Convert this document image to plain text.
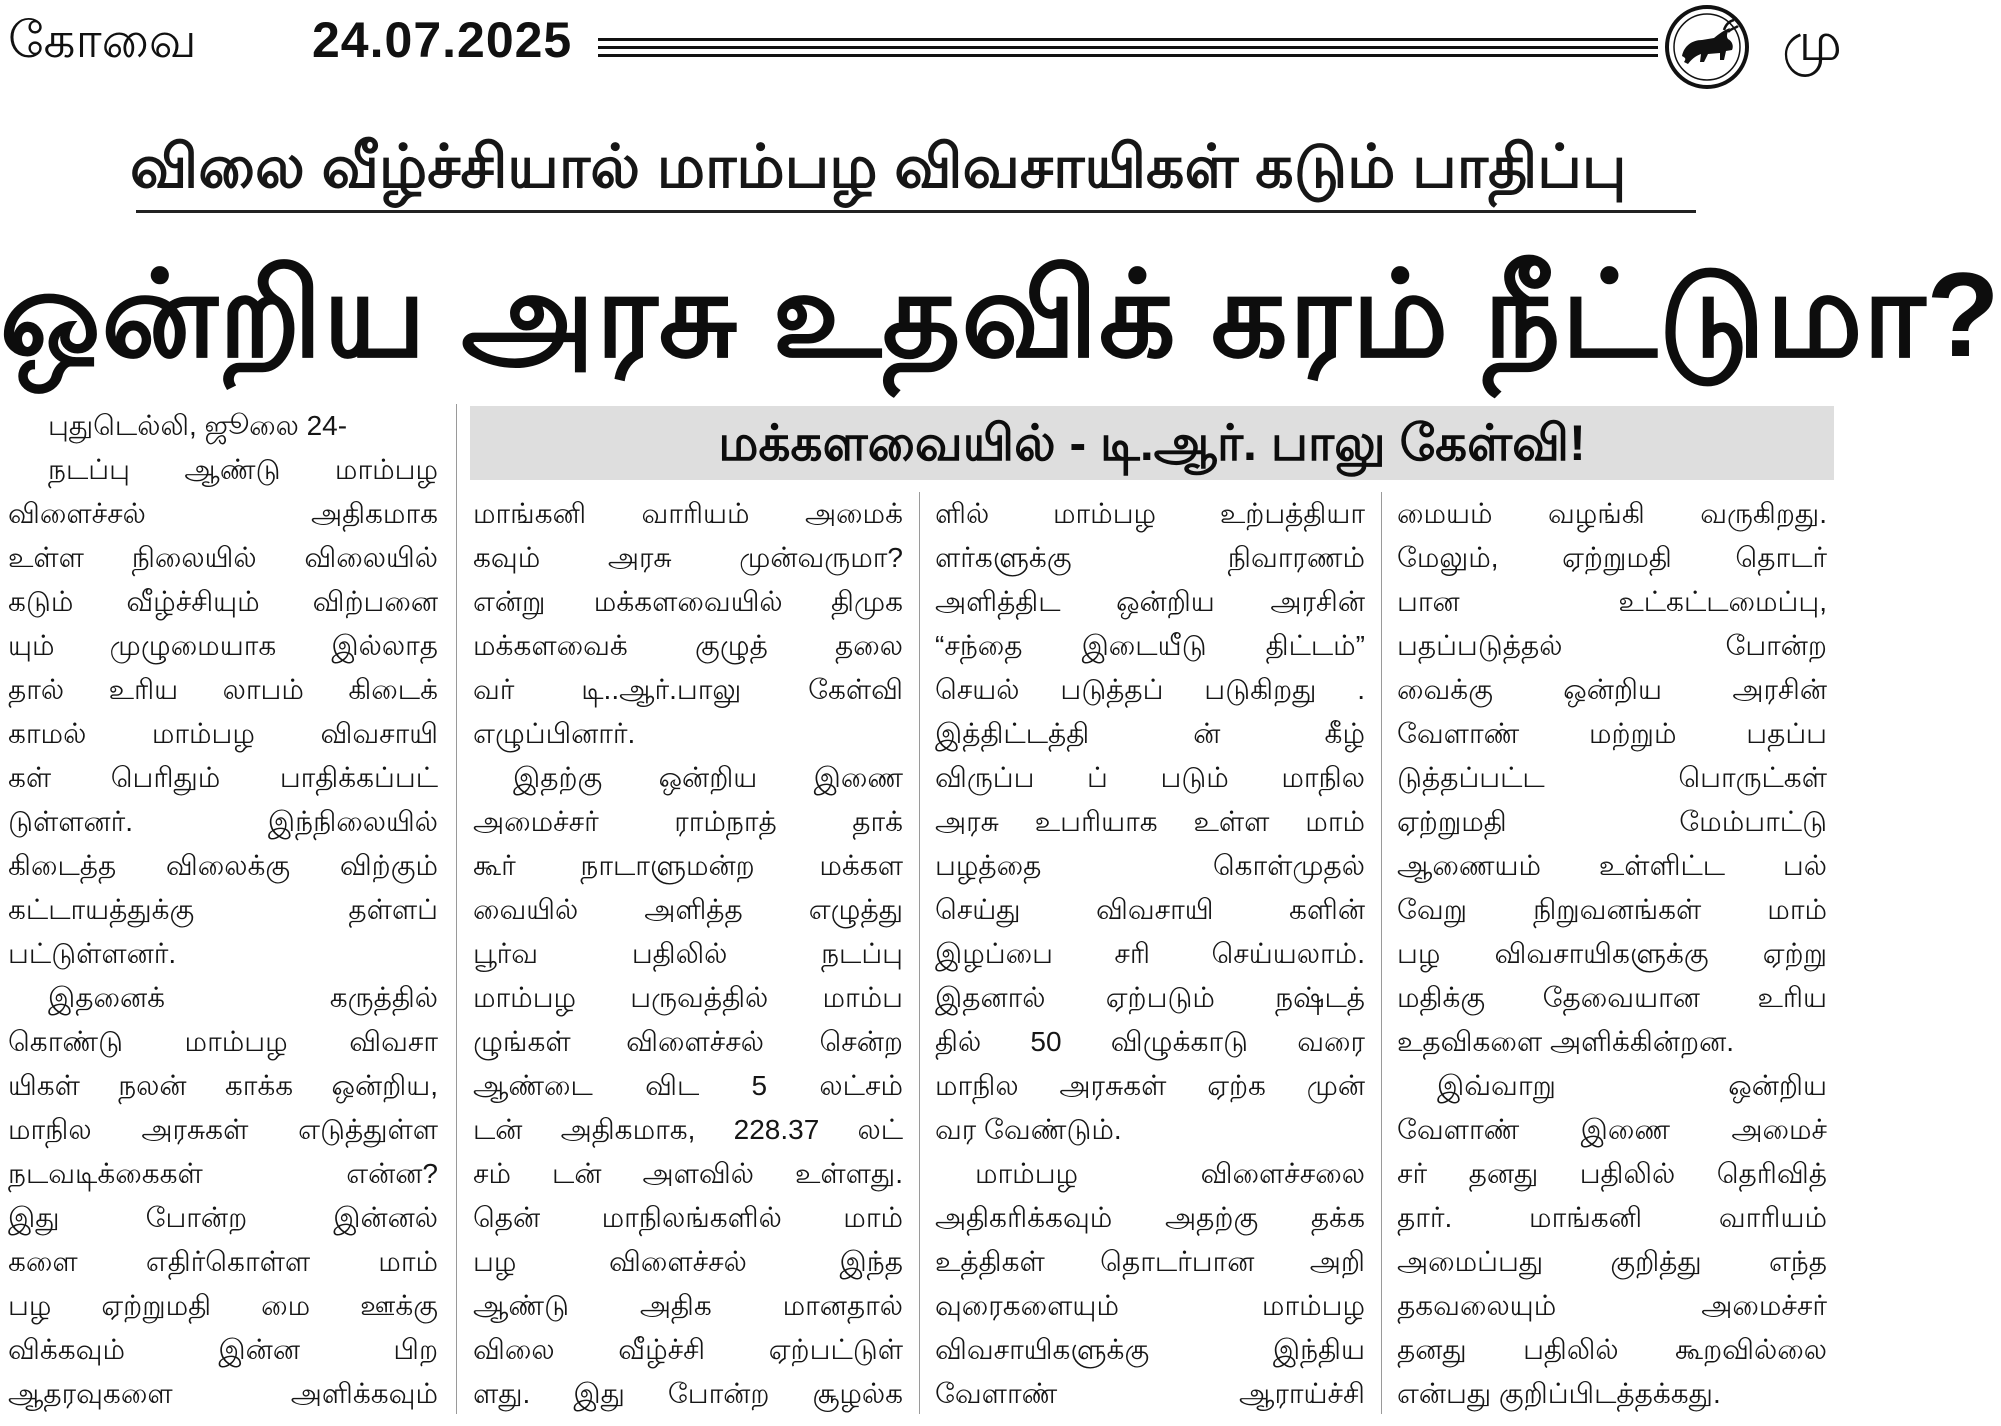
கோவை 24.07.2025	மு
விலை வீழ்ச்சியால் மாம்பழ விவசாயிகள் கடும் பாதிப்பு
ஒன்றிய அரசு உதவிக் கரம் நீட்டுமா?
மக்களவையில் - டி.ஆர். பாலு கேள்வி!
புதுடெல்லி, ஜூலை 24-
நடப்பு ஆண்டு மாம்பழ
விளைச்சல் அதிகமாக
உள்ள நிலையில் விலையில்
கடும் வீழ்ச்சியும் விற்பனை
யும் முழுமையாக இல்லாத
தால் உரிய லாபம் கிடைக்
காமல் மாம்பழ விவசாயி
கள் பெரிதும் பாதிக்கப்பட்
டுள்ளனர். இந்நிலையில்
கிடைத்த விலைக்கு விற்கும்
கட்டாயத்துக்கு தள்ளப்
பட்டுள்ளனர்.
இதனைக் கருத்தில்
கொண்டு மாம்பழ விவசா
யிகள் நலன் காக்க ஒன்றிய,
மாநில அரசுகள் எடுத்துள்ள
நடவடிக்கைகள் என்ன?
இது போன்ற இன்னல்
களை எதிர்கொள்ள மாம்
பழ ஏற்றுமதி மை ஊக்கு
விக்கவும் இன்ன பிற
ஆதரவுகளை அளிக்கவும்
மாங்கனி வாரியம் அமைக்
கவும் அரசு முன்வருமா?
என்று மக்களவையில் திமுக
மக்களவைக் குழுத் தலை
வர் டி..ஆர்.பாலு கேள்வி
எழுப்பினார்.
இதற்கு ஒன்றிய இணை
அமைச்சர் ராம்நாத் தாக்
கூர் நாடாளுமன்ற மக்கள
வையில் அளித்த எழுத்து
பூர்வ பதிலில் நடப்பு
மாம்பழ பருவத்தில் மாம்ப
ழுங்கள் விளைச்சல் சென்ற
ஆண்டை விட 5 லட்சம்
டன் அதிகமாக, 228.37 லட்
சம் டன் அளவில் உள்ளது.
தென் மாநிலங்களில் மாம்
பழ விளைச்சல் இந்த
ஆண்டு அதிக மானதால்
விலை வீழ்ச்சி ஏற்பட்டுள்
ளது. இது போன்ற சூழல்க
ளில் மாம்பழ உற்பத்தியா
ளர்களுக்கு நிவாரணம்
அளித்திட ஒன்றிய அரசின்
“சந்தை இடையீடு திட்டம்”
செயல் படுத்தப் படுகிறது .
இத்திட்டத்தி ன் கீழ்
விருப்ப ப் படும் மாநில
அரசு உபரியாக உள்ள மாம்
பழத்தை கொள்முதல்
செய்து விவசாயி களின்
இழப்பை சரி செய்யலாம்.
இதனால் ஏற்படும் நஷ்டத்
தில் 50 விழுக்காடு வரை
மாநில அரசுகள் ஏற்க முன்
வர வேண்டும்.
மாம்பழ விளைச்சலை
அதிகரிக்கவும் அதற்கு தக்க
உத்திகள் தொடர்பான அறி
வுரைகளையும் மாம்பழ
விவசாயிகளுக்கு இந்திய
வேளாண் ஆராய்ச்சி
மையம் வழங்கி வருகிறது.
மேலும், ஏற்றுமதி தொடர்
பான உட்கட்டமைப்பு,
பதப்படுத்தல் போன்ற
வைக்கு ஒன்றிய அரசின்
வேளாண் மற்றும் பதப்ப
டுத்தப்பட்ட பொருட்கள்
ஏற்றுமதி மேம்பாட்டு
ஆணையம் உள்ளிட்ட பல்
வேறு நிறுவனங்கள் மாம்
பழ விவசாயிகளுக்கு ஏற்று
மதிக்கு தேவையான உரிய
உதவிகளை அளிக்கின்றன.
இவ்வாறு ஒன்றிய
வேளாண் இணை அமைச்
சர் தனது பதிலில் தெரிவித்
தார். மாங்கனி வாரியம்
அமைப்பது குறித்து எந்த
தகவலையும் அமைச்சர்
தனது பதிலில் கூறவில்லை
என்பது குறிப்பிடத்தக்கது.
